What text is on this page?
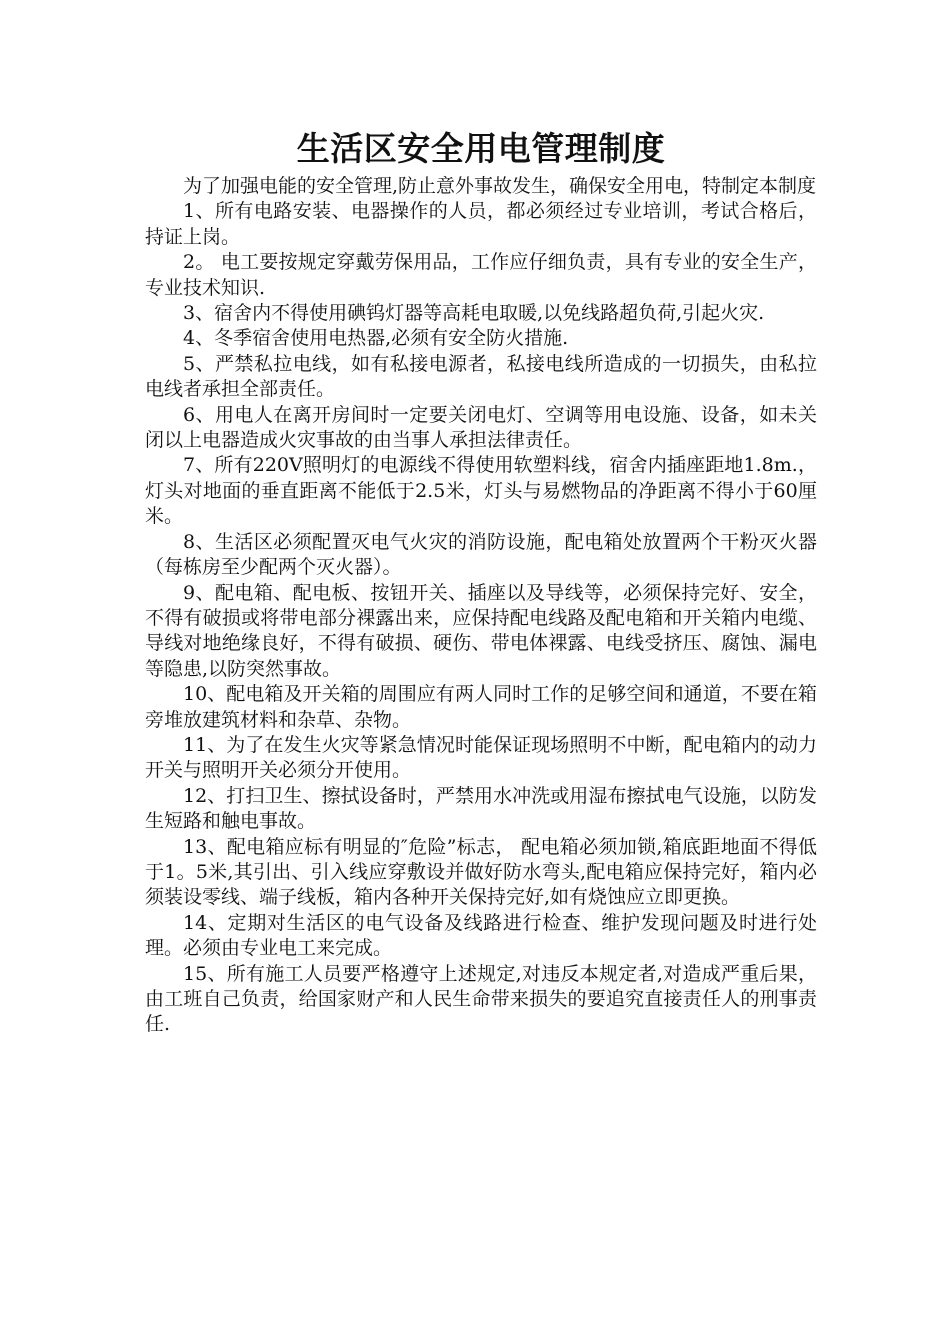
生活区安全用电管理制度

为了加强电能的安全管理,防止意外事故发生，确保安全用电，特制定本制度

1、所有电路安装、电器操作的人员，都必须经过专业培训，考试合格后，持证上岗。

2。 电工要按规定穿戴劳保用品，工作应仔细负责，具有专业的安全生产，专业技术知识.

3、宿舍内不得使用碘钨灯器等高耗电取暖,以免线路超负荷,引起火灾.

4、冬季宿舍使用电热器,必须有安全防火措施.

5、严禁私拉电线，如有私接电源者，私接电线所造成的一切损失，由私拉电线者承担全部责任。

6、用电人在离开房间时一定要关闭电灯、空调等用电设施、设备，如未关闭以上电器造成火灾事故的由当事人承担法律责任。

7、所有220V照明灯的电源线不得使用软塑料线，宿舍内插座距地1.8m.，灯头对地面的垂直距离不能低于2.5米，灯头与易燃物品的净距离不得小于60厘米。

8、生活区必须配置灭电气火灾的消防设施，配电箱处放置两个干粉灭火器（每栋房至少配两个灭火器）。

9、配电箱、配电板、按钮开关、插座以及导线等，必须保持完好、安全，不得有破损或将带电部分裸露出来，应保持配电线路及配电箱和开关箱内电缆、导线对地绝缘良好，不得有破损、硬伤、带电体裸露、电线受挤压、腐蚀、漏电等隐患,以防突然事故。

10、配电箱及开关箱的周围应有两人同时工作的足够空间和通道，不要在箱旁堆放建筑材料和杂草、杂物。

11、为了在发生火灾等紧急情况时能保证现场照明不中断，配电箱内的动力开关与照明开关必须分开使用。

12、打扫卫生、擦拭设备时，严禁用水冲洗或用湿布擦拭电气设施，以防发生短路和触电事故。

13、配电箱应标有明显的″危险”标志， 配电箱必须加锁,箱底距地面不得低于1。5米,其引出、引入线应穿敷设并做好防水弯头,配电箱应保持完好，箱内必须装设零线、端子线板，箱内各种开关保持完好,如有烧蚀应立即更换。

14、定期对生活区的电气设备及线路进行检查、维护发现问题及时进行处理。必须由专业电工来完成。

15、所有施工人员要严格遵守上述规定,对违反本规定者,对造成严重后果，由工班自己负责，给国家财产和人民生命带来损失的要追究直接责任人的刑事责任.
